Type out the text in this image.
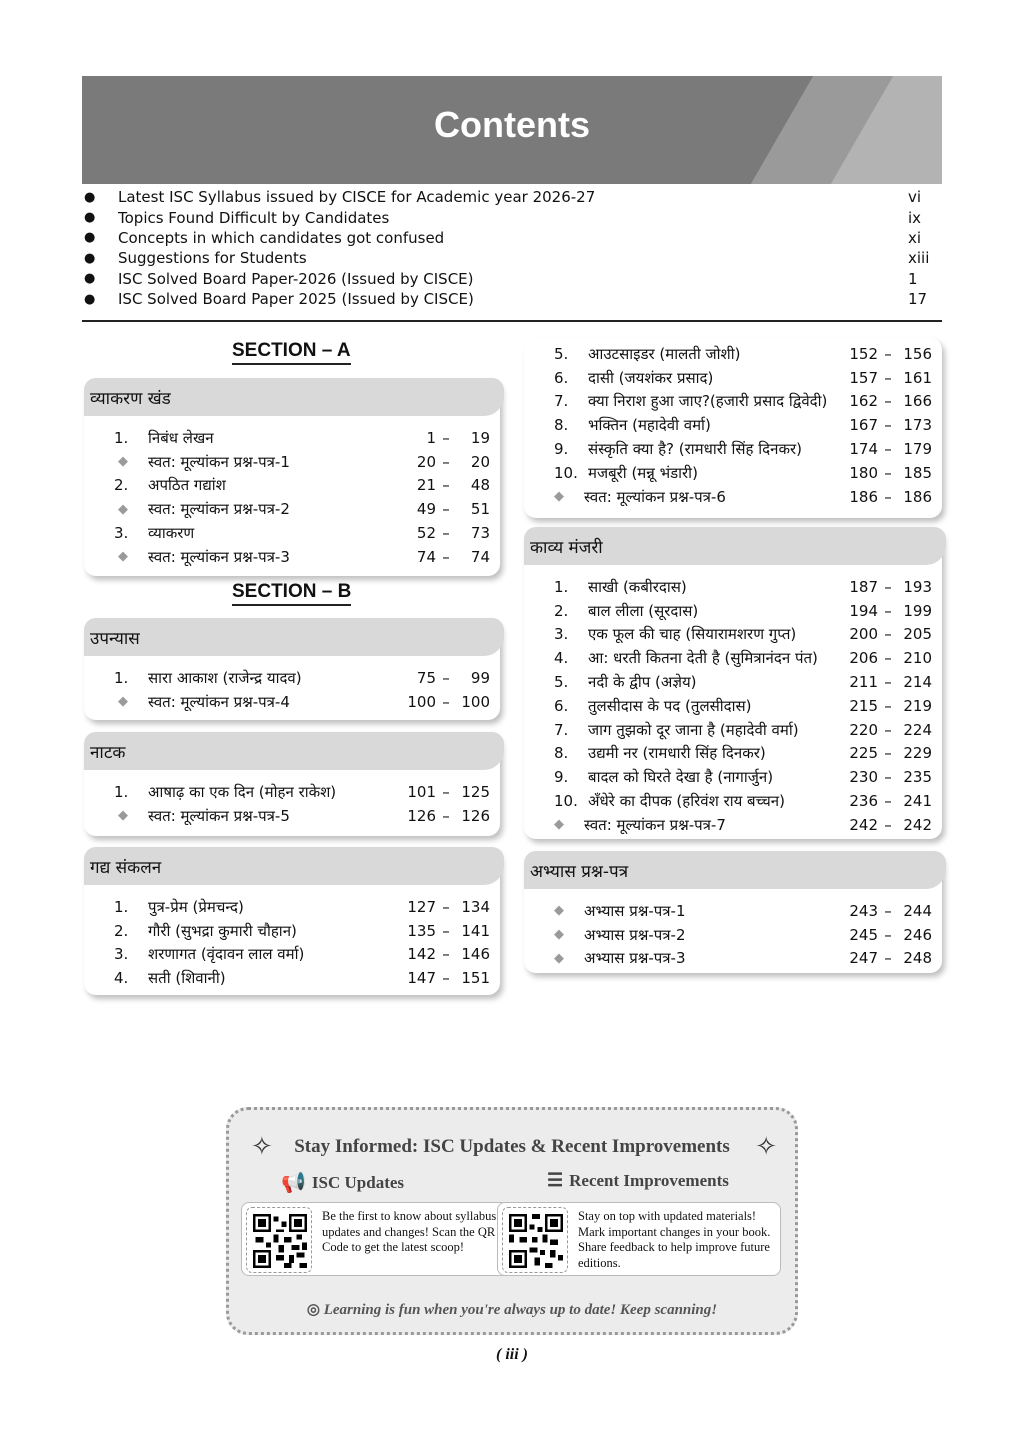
Contents
●	Latest ISC Syllabus issued by CISCE for Academic year 2026-27	vi
●	Topics Found Difficult by Candidates	ix
●	Concepts in which candidates got confused	xi
●	Suggestions for Students	xiii
●	ISC Solved Board Paper-2026 (Issued by CISCE)	1
●	ISC Solved Board Paper 2025 (Issued by CISCE)	17
SECTION – A
SECTION – B
व्याकरण खंड
1.	निबंध लेखन	1 –	19
◆	स्वत: मूल्यांकन प्रश्न-पत्र-1	20 –	20
2.	अपठित गद्यांश	21 –	48
◆	स्वत: मूल्यांकन प्रश्न-पत्र-2	49 –	51
3.	व्याकरण	52 –	73
◆	स्वत: मूल्यांकन प्रश्न-पत्र-3	74 –	74
उपन्यास
1.	सारा आकाश (राजेन्द्र यादव)	75 –	99
◆	स्वत: मूल्यांकन प्रश्न-पत्र-4	100 – 100
नाटक
1.	आषाढ़ का एक दिन (मोहन राकेश)	101 – 125
◆	स्वत: मूल्यांकन प्रश्न-पत्र-5	126 – 126
गद्य संकलन
1.	पुत्र-प्रेम (प्रेमचन्द)	127 – 134
2.	गौरी (सुभद्रा कुमारी चौहान)	135 – 141
3.	शरणागत (वृंदावन लाल वर्मा)	142 – 146
4.	सती (शिवानी)	147 – 151
5.	आउटसाइडर (मालती जोशी)	152 – 156
6.	दासी (जयशंकर प्रसाद)	157 – 161
7.	क्या निराश हुआ जाए?(हजारी प्रसाद द्विवेदी)	162 – 166
8.	भक्तिन (महादेवी वर्मा)	167 – 173
9.	संस्कृति क्या है? (रामधारी सिंह दिनकर)	174 – 179
10. मजबूरी (मन्नू भंडारी)	180 – 185
◆	स्वत: मूल्यांकन प्रश्न-पत्र-6	186 – 186
काव्य मंजरी
1.	साखी (कबीरदास)	187 – 193
2.	बाल लीला (सूरदास)	194 – 199
3.	एक फूल की चाह (सियारामशरण गुप्त)	200 – 205
4.	आ: धरती कितना देती है (सुमित्रानंदन पंत)	206 – 210
5.	नदी के द्वीप (अज्ञेय)	211 – 214
6.	तुलसीदास के पद (तुलसीदास)	215 – 219
7.	जाग तुझको दूर जाना है (महादेवी वर्मा)	220 – 224
8.	उद्यमी नर (रामधारी सिंह दिनकर)	225 – 229
9.	बादल को घिरते देखा है (नागार्जुन)	230 – 235
10. अँधेरे का दीपक (हरिवंश राय बच्चन)	236 – 241
◆	स्वत: मूल्यांकन प्रश्न-पत्र-7	242 – 242
अभ्यास प्रश्न-पत्र
◆	अभ्यास प्रश्न-पत्र-1	243 – 244
◆	अभ्यास प्रश्न-पत्र-2	245 – 246
◆	अभ्यास प्रश्न-पत्र-3	247 – 248
✧	✧
Stay Informed: ISC Updates & Recent Improvements
📢 ISC Updates	☰ Recent Improvements
Be the first to know about syllabus updates and changes! Scan the QR Code to get the latest scoop!
Stay on top with updated materials! Mark important changes in your book. Share feedback to help improve future editions.
◎ Learning is fun when you're always up to date! Keep scanning!
( iii )
